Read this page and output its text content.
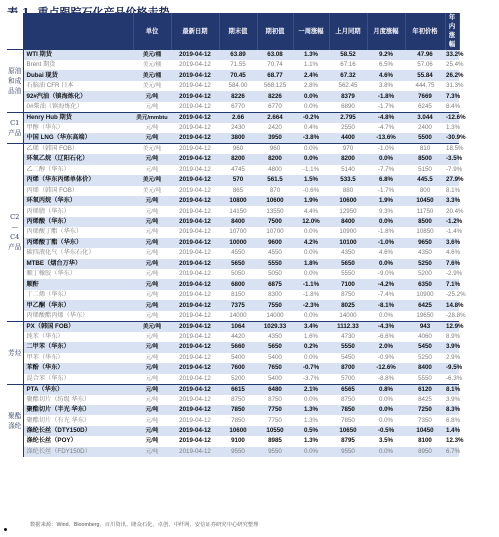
		单位	最新日期	期末值	期初值	一周涨幅	上月同期	月度涨幅	年初价格	年内涨幅	
原油和成品油	WTI 期货	美元/桶	2019-04-12	63.89	63.08	1.3%	58.52	9.2%	47.96	33.2%	
	Brent 期货	美元/桶	2019-04-12	71.55	70.74	1.1%	67.16	6.5%	57.06	25.4%	
	Dubai 现货	美元/桶	2019-04-12	70.45	68.77	2.4%	67.32	4.6%	55.84	26.2%	
	石脑油 CFR 日本	美元/吨	2019-04-12	584.00	568.125	2.8%	562.45	3.8%	444.75	31.3%	
	92#汽油（镇海炼化）	元/吨	2019-04-12	8226	8226	0.0%	8379	-1.8%	7669	7.3%	
	0#柴油（镇海炼化）	元/吨	2019-04-12	6770	6770	0.0%	6890	-1.7%	6245	8.4%	
C1产品	Henry Hub 期货	美元/mmbtu	2019-04-12	2.66	2.664	-0.2%	2.795	-4.8%	3.044	-12.6%	
	甲醇（华东）	元/吨	2019-04-12	2430	2420	0.4%	2550	-4.7%	2400	1.3%	
	中国 LNG（华东高端）	元/吨	2019-04-12	3800	3950	-3.8%	4400	-13.6%	5500	-30.9%	
C2—C4产品	乙烯（韩国 FOB）	美元/吨	2019-04-12	960	960	0.0%	970	-1.0%	810	18.5%	
	环氧乙烷（辽阳石化）	元/吨	2019-04-12	8200	8200	0.0%	8200	0.0%	8500	-3.5%	
	乙二醇（华东）	元/吨	2019-04-12	4745	4800	-1.1%	5140	-7.7%	5150	-7.9%	
	丙烯（华东丙烯单体价）	美元/吨	2019-04-12	570	561.5	1.5%	533.5	6.8%	445.5	27.9%	
	丙烯（韩国 FOB）	美元/吨	2019-04-12	865	870	-0.6%	880	-1.7%	800	8.1%	
	环氧丙烷（华东）	元/吨	2019-04-12	10800	10600	1.9%	10600	1.9%	10450	3.3%	
	丙烯腈（华东）	元/吨	2019-04-12	14150	13550	4.4%	12950	9.3%	11750	20.4%	
	丙烯酸（华东）	元/吨	2019-04-12	8400	7500	12.0%	8400	0.0%	8500	-1.2%	
	丙烯酸丁酯（华东）	元/吨	2019-04-12	10700	10700	0.0%	10900	-1.8%	10850	-1.4%	
	丙烯酸丁酯（华东）	元/吨	2019-04-12	10000	9600	4.2%	10100	-1.0%	9650	3.6%	
	碳四液化气（华东石化）	元/吨	2019-04-12	4550	4550	0.0%	4350	4.6%	4350	4.6%	
	MTBE（烟台万华）	元/吨	2019-04-12	5650	5550	1.8%	5650	0.0%	5250	7.6%	
	顺丁橡胶（华东）	元/吨	2019-04-12	5050	5050	0.0%	5550	-9.0%	5200	-2.9%	
	顺酐	元/吨	2019-04-12	6800	6875	-1.1%	7100	-4.2%	6350	7.1%	
	丁二烯（华东）	元/吨	2019-04-12	8150	8300	-1.8%	8750	-7.4%	10900	-25.2%	
	甲乙酮（华东）	元/吨	2019-04-12	7375	7550	-2.3%	8025	-8.1%	6425	14.8%	
	丙烯酸酯丙烯（华东）	元/吨	2019-04-12	14000	14000	0.0%	14000	0.0%	19650	-28.8%	
芳烃	PX（韩国 FOB）	美元/吨	2019-04-12	1064	1029.33	3.4%	1112.33	-4.3%	943	12.9%	
	纯苯（华东）	元/吨	2019-04-12	4420	4350	1.6%	4730	-6.6%	4060	8.9%	
	二甲苯（华东）	元/吨	2019-04-12	5660	5650	0.2%	5550	2.0%	5450	3.9%	
	甲苯（华东）	元/吨	2019-04-12	5400	5400	0.0%	5450	-0.9%	5250	2.9%	
	苯酚（华东）	元/吨	2019-04-12	7600	7650	-0.7%	8700	-12.6%	8400	-9.5%	
	混合苯（华东）	元/吨	2019-04-12	5200	5400	-3.7%	5700	-8.8%	5550	-6.3%	
聚酯涤纶	PTA（华东）	元/吨	2019-04-12	6615	6480	2.1%	6565	0.8%	6120	8.1%	
	聚酯切片（纺级 华东）	元/吨	2019-04-12	8750	8750	0.0%	8750	0.0%	8425	3.9%	
	聚酯切片（半光 华东）	元/吨	2019-04-12	7850	7750	1.3%	7850	0.0%	7250	8.3%	
	聚酯切片（有光 华东）	元/吨	2019-04-12	7850	7750	1.3%	7850	0.0%	7350	6.8%	
	涤纶长丝（DTY150D）	元/吨	2019-04-12	10600	10550	0.5%	10650	-0.5%	10450	1.4%	
	涤纶长丝（POY）	元/吨	2019-04-12	9100	8985	1.3%	8795	3.5%	8100	12.3%	
	涤纶长丝（FDY150D）	元/吨	2019-04-12	9550	9550	0.0%	9550	0.0%	8950	6.7%	
数据来源：Wind、Bloomberg、百川资讯、隆众石化、卓创、中纤网、安信证券研究中心研究整理
